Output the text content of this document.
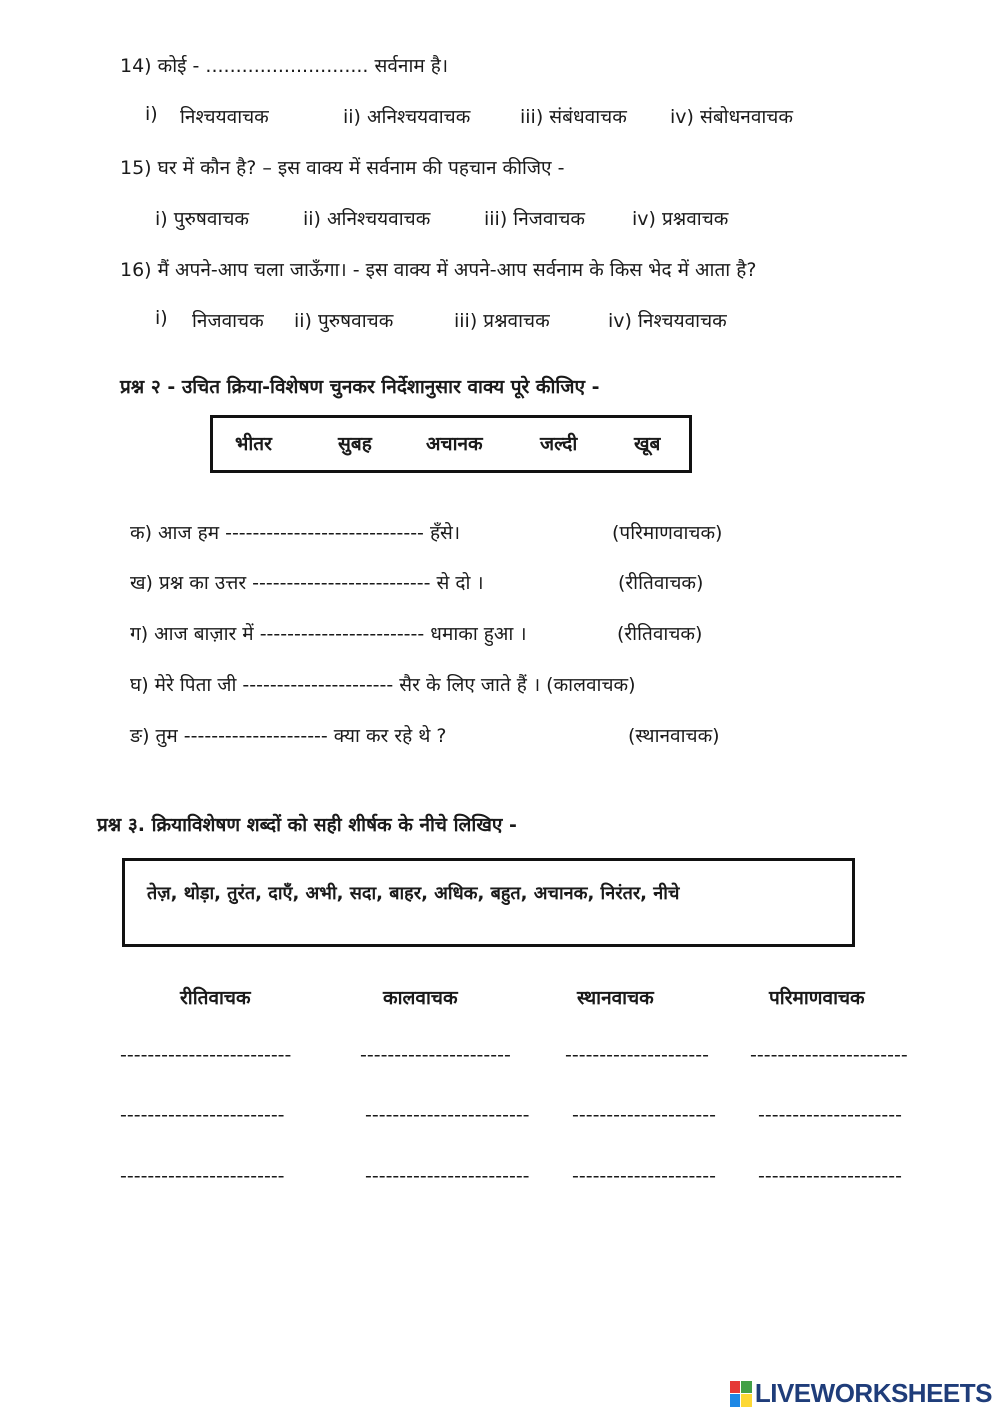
14) कोई - ........................... सर्वनाम है।
i) निश्चयवाचक	ii) अनिश्चयवाचक	iii) संबंधवाचक iv) संबोधनवाचक
15) घर में कौन है? – इस वाक्य में सर्वनाम की पहचान कीजिए -
i) पुरुषवाचक	ii) अनिश्चयवाचक	iii) निजवाचक iv) प्रश्नवाचक
16) मैं अपने-आप चला जाऊँगा। - इस वाक्य में अपने-आप सर्वनाम के किस भेद में आता है?
i) निजवाचक ii) पुरुषवाचक	iii) प्रश्नवाचक	iv) निश्चयवाचक
प्रश्न २ - उचित क्रिया-विशेषण चुनकर निर्देशानुसार वाक्य पूरे कीजिए -
भीतर	सुबह	अचानक	जल्दी	खूब
क) आज हम ----------------------------- हँसे।	(परिमाणवाचक)
ख) प्रश्न का उत्तर -------------------------- से दो ।	(रीतिवाचक)
ग) आज बाज़ार में ------------------------ धमाका हुआ ।	(रीतिवाचक)
घ) मेरे पिता जी ---------------------- सैर के लिए जाते हैं । (कालवाचक)
ङ) तुम --------------------- क्या कर रहे थे ?	(स्थानवाचक)
प्रश्न ३. क्रियाविशेषण शब्दों को सही शीर्षक के नीचे लिखिए -
तेज़, थोड़ा, तुरंत, दाएँ, अभी, सदा, बाहर, अधिक, बहुत, अचानक, निरंतर, नीचे
रीतिवाचक	कालवाचक	स्थानवाचक	परिमाणवाचक
-------------------------	----------------------	--------------------- -----------------------
------------------------	------------------------ --------------------- ---------------------
------------------------	------------------------ --------------------- ---------------------
LIVEWORKSHEETS
